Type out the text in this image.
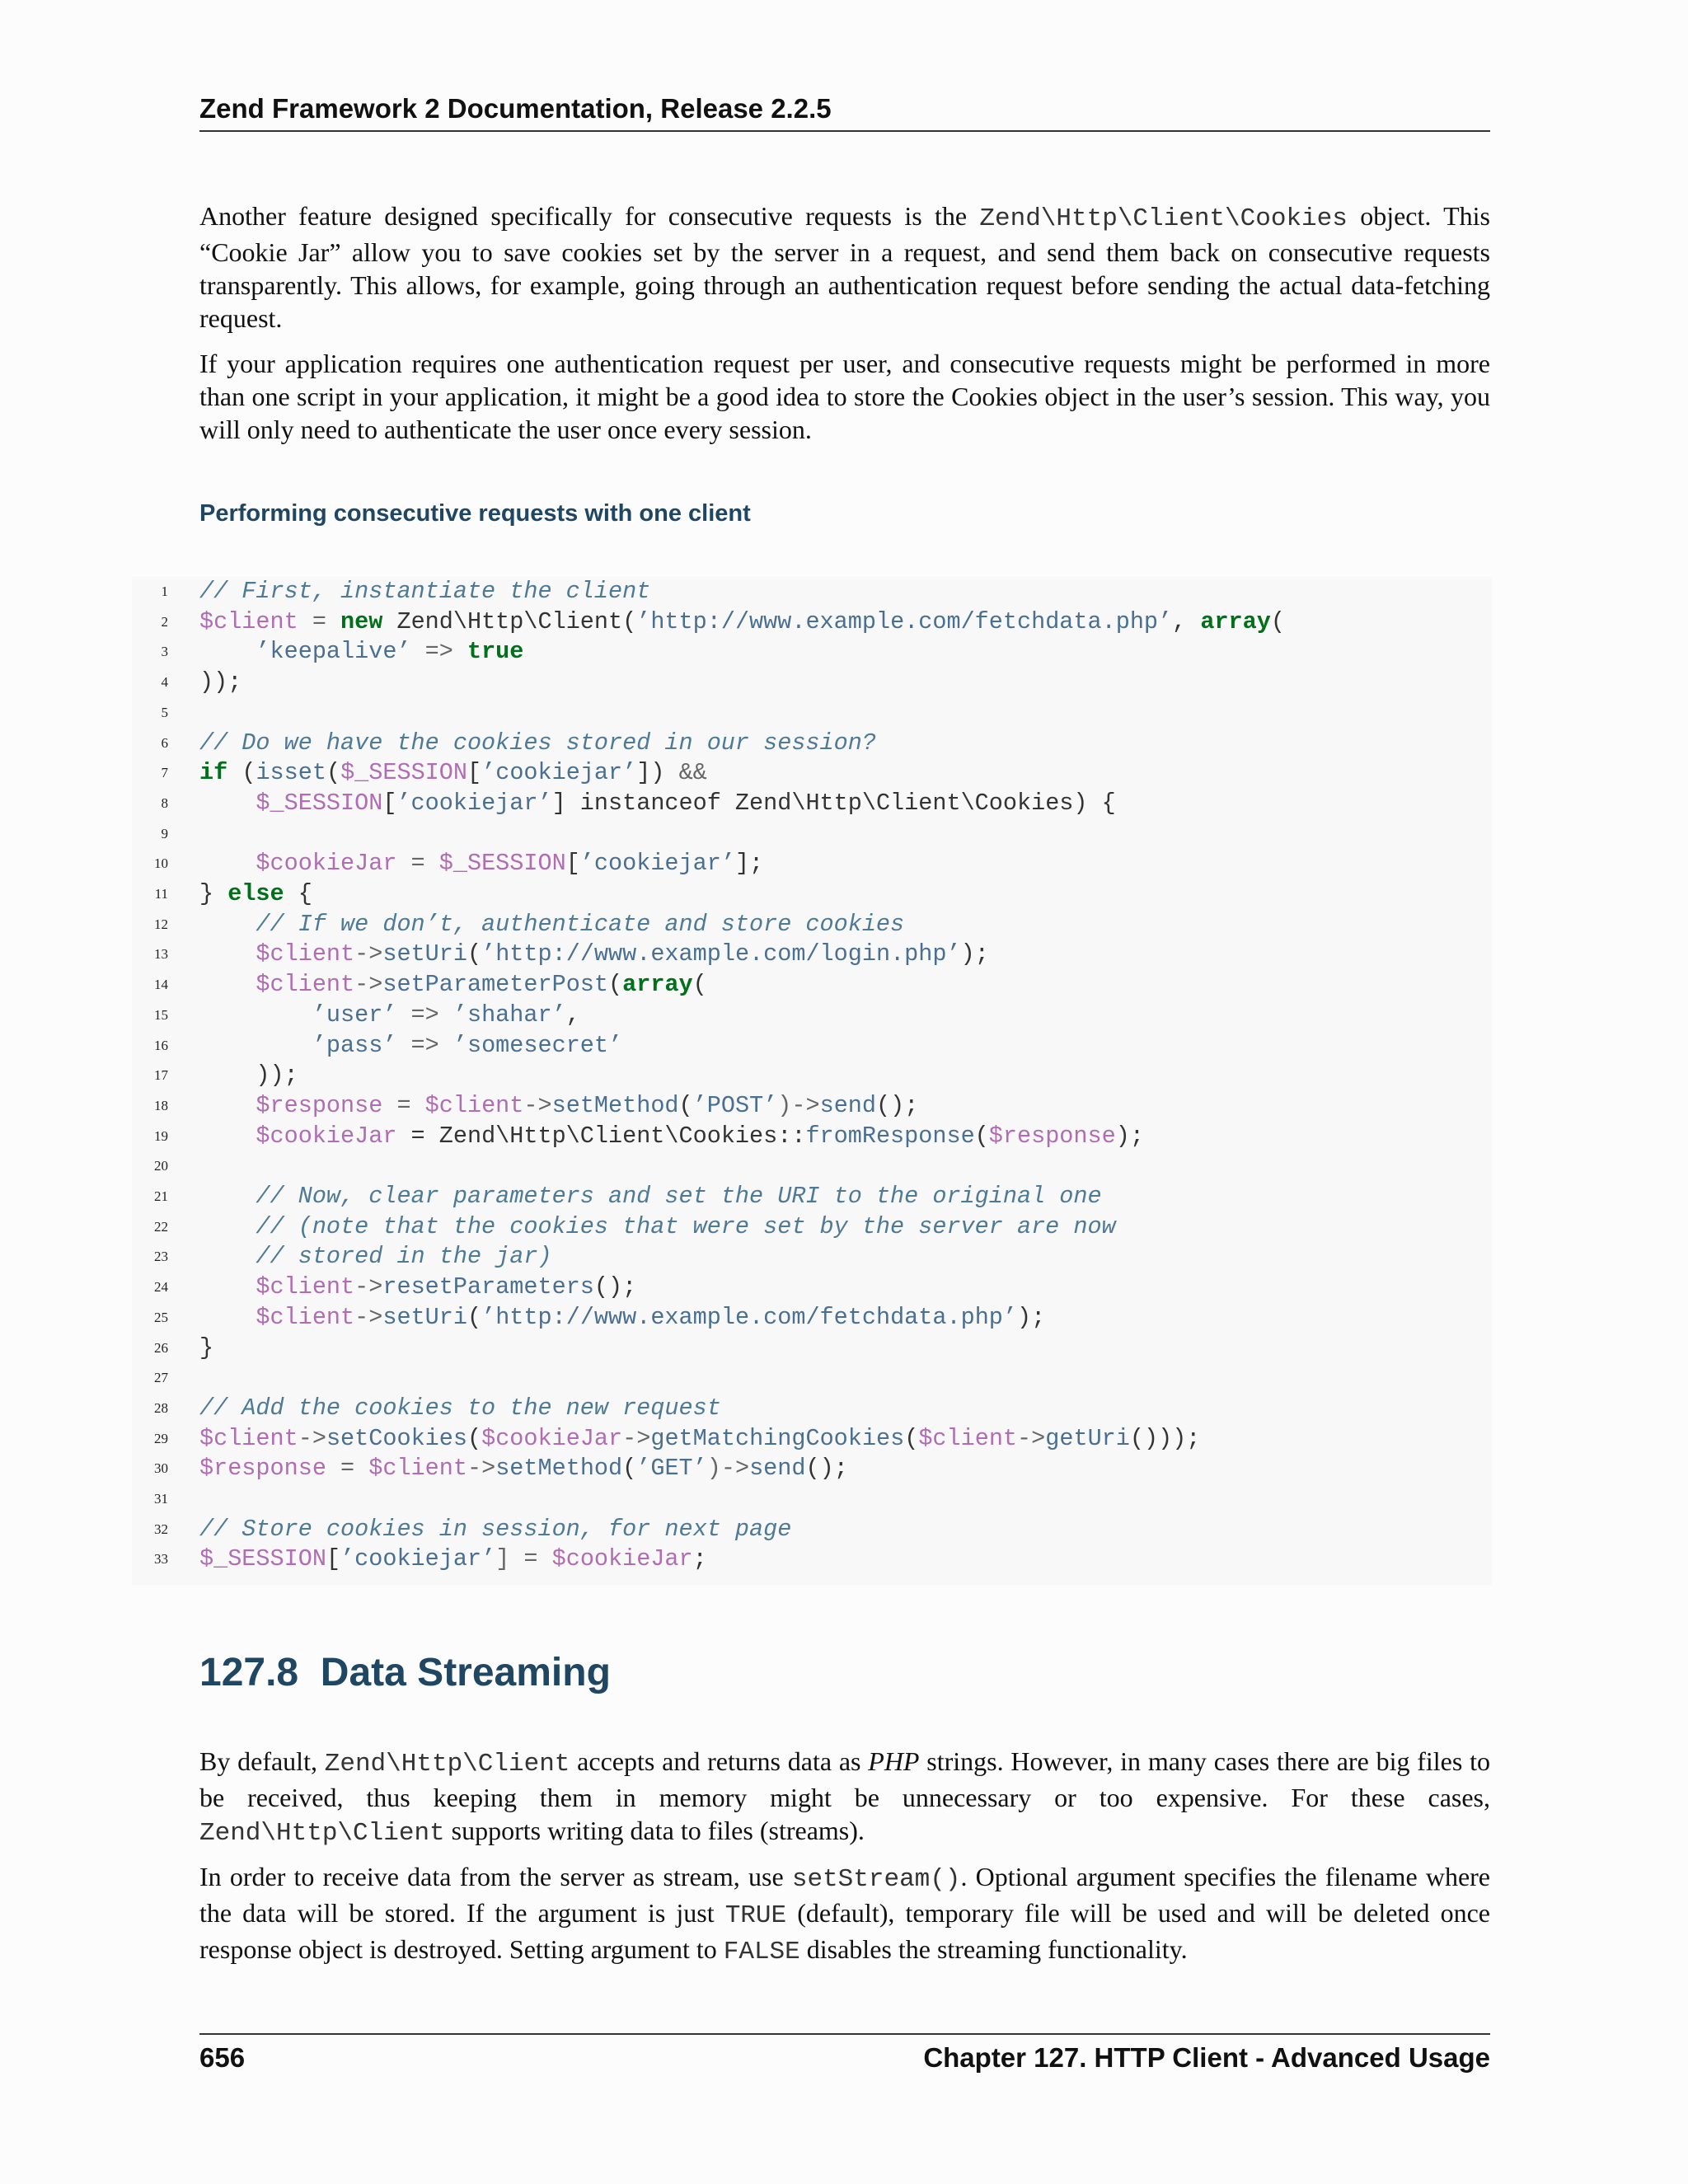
Zend Framework 2 Documentation, Release 2.2.5

Another feature designed specifically for consecutive requests is the Zend\Http\Client\Cookies object. This “Cookie Jar” allow you to save cookies set by the server in a request, and send them back on consecutive requests transparently. This allows, for example, going through an authentication request before sending the actual data-fetching request.

If your application requires one authentication request per user, and consecutive requests might be performed in more than one script in your application, it might be a good idea to store the Cookies object in the user’s session. This way, you will only need to authenticate the user once every session.

Performing consecutive requests with one client
1 // First, instantiate the client
2 $client = new Zend\Http\Client(’http://www.example.com/fetchdata.php’, array(
3 ’keepalive’ => true
4 ));
5
6 // Do we have the cookies stored in our session?
7 if (isset($_SESSION[’cookiejar’]) &&
8 $_SESSION[’cookiejar’] instanceof Zend\Http\Client\Cookies) {
9
10 $cookieJar = $_SESSION[’cookiejar’];
11 } else {
12 // If we don’t, authenticate and store cookies
13 $client->setUri(’http://www.example.com/login.php’);
14 $client->setParameterPost(array(
15 ’user’ => ’shahar’,
16 ’pass’ => ’somesecret’
17 ));
18 $response = $client->setMethod(’POST’)->send();
19 $cookieJar = Zend\Http\Client\Cookies::fromResponse($response);
20
21 // Now, clear parameters and set the URI to the original one
22 // (note that the cookies that were set by the server are now
23 // stored in the jar)
24 $client->resetParameters();
25 $client->setUri(’http://www.example.com/fetchdata.php’);
26 }
27
28 // Add the cookies to the new request
29 $client->setCookies($cookieJar->getMatchingCookies($client->getUri()));
30 $response = $client->setMethod(’GET’)->send();
31
32 // Store cookies in session, for next page
33 $_SESSION[’cookiejar’] = $cookieJar;
127.8 Data Streaming

By default, Zend\Http\Client accepts and returns data as PHP strings. However, in many cases there are big files to be received, thus keeping them in memory might be unnecessary or too expensive. For these cases, Zend\Http\Client supports writing data to files (streams).

In order to receive data from the server as stream, use setStream(). Optional argument specifies the filename where the data will be stored. If the argument is just TRUE (default), temporary file will be used and will be deleted once response object is destroyed. Setting argument to FALSE disables the streaming functionality.

656	Chapter 127. HTTP Client - Advanced Usage
